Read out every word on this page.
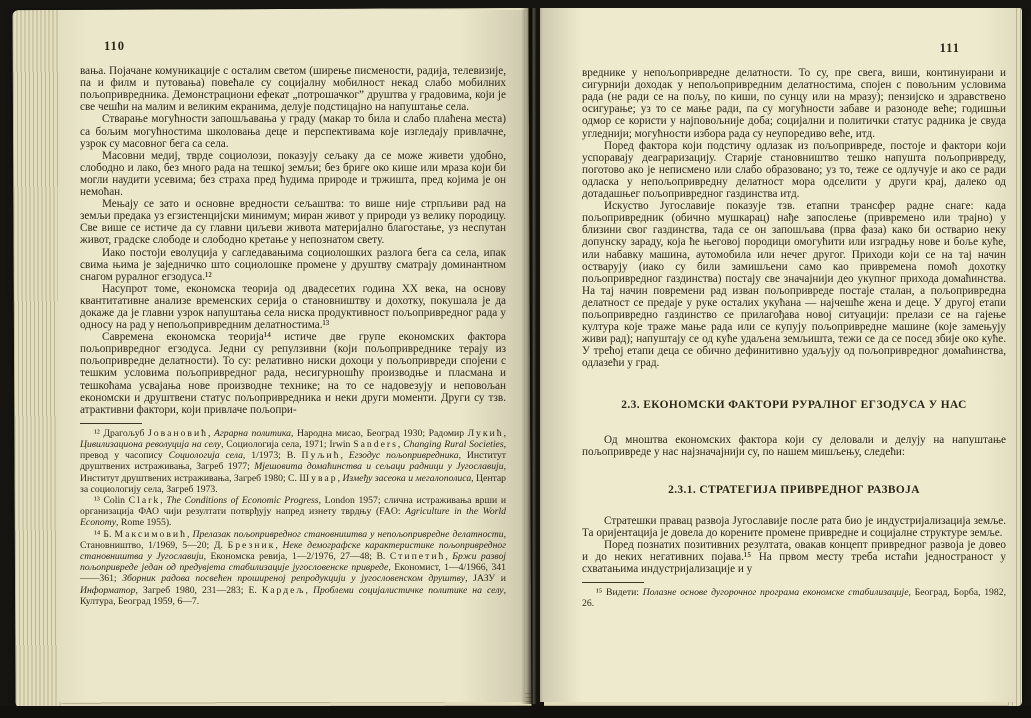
110

вања. Појачане комуникације с осталим светом (ширење писмености, радија, телевизије, па и филм и путовања) повећале су социјалну мобилност некад слабо мобилних пољопривредника. Демонстрациони ефекат „потрошачког” друштва у градовима, који је све чешћи на малим и великим екранима, делује подстицајно на напуштање села.

Стварање могућности запошљавања у граду (макар то била и слабо плаћена места) са бољим могућностима школовања деце и перспективама које изгледају привлачне, узрок су масовног бега са села.

Масовни медиј, тврде социолози, показују сељаку да се може живети удобно, слободно и лако, без много рада на тешкој земљи; без бриге око кише или мраза који би могли наудити усевима; без страха пред ћудима природе и тржишта, пред којима је он немоћан.

Мењају се зато и основне вредности сељаштва: то више није стрпљиви рад на земљи предака уз егзистенцијски минимум; миран живот у природи уз велику породицу. Све више се истиче да су главни циљеви живота материјално благостање, уз неспутан живот, градске слободе и слободно кретање у непознатом свету.

Иако постоји еволуција у сагледавањима социолошких разлога бега са села, ипак свима њима је заједничко што социолошке промене у друштву сматрају доминантном снагом руралног егзодуса.¹²

Насупрот томе, економска теорија од двадесетих година XX века, на основу квантитативне анализе временских серија о становништву и дохотку, покушала је да докаже да је главни узрок напуштања села ниска продуктивност пољопривредног рада у односу на рад у непољопривредним делатностима.¹³

Савремена економска теорија¹⁴ истиче две групе економских фактора пољопривредног егзодуса. Једни су репулзивни (који пољопривреднике терају из пољопривредне делатности). То су: релативно ниски дохоци у пољопривреди спојени с тешким условима пољопривредног рада, несигурношћу производње и пласмана и тешкоћама усвајања нове производне технике; на то се надовезују и неповољан економски и друштвени статус пољопривредника и неки други моменти. Други су тзв. атрактивни фактори, који привлаче пољопри-

¹² Драгољуб Јовановић, Аграрна политика, Народна мисао, Београд 1930; Радомир Лукић, Цивилизациона револуција на селу, Социологија села, 1971; Irwin Sanders, Changing Rural Societies, превод у часопису Социологија села, 1/1973; В. Пуљић, Егзодус пољопривредника, Институт друштвених истраживања, Загреб 1977; Мјешовита домаћинства и сељаци радници у Југославији, Институт друштвених истраживања, Загреб 1980; С. Шувар, Између засеока и мегалополиса, Центар за социологију села, Загреб 1973.

¹³ Colin Clark, The Conditions of Economic Progress, London 1957; слична истраживања врши и организација ФАО чији резултати потврђују напред изнету тврдњу (FAO: Agriculture in the World Economy, Rome 1955).

¹⁴ Б. Максимовић, Прелазак пољопривредног становништва у непољопривредне делатности, Становништво, 1/1969, 5—20; Д. Брезник, Неке демографске карактеристике пољопривредног становништва у Југославији, Економска ревија, 1—2/1976, 27—48; В. Стипетић, Бржи развој пољопривреде један од предувјета стабилизације југословенске привреде, Економист, 1—4/1966, 341——361; Зборник радова посвећен проширеној репродукцији у југословенском друштву, ЈАЗУ и Информатор, Загреб 1980, 231—283; Е. Кардељ, Проблеми социјалистичке политике на селу, Култура, Београд 1959, 6—7.

111

вреднике у непољопривредне делатности. То су, пре свега, виши, континуирани и сигурнији доходак у непољопривредним делатностима, спојен с повољним условима рада (не ради се на пољу, по киши, по сунцу или на мразу); пензијско и здравствено осигурање; уз то се мање ради, па су могућности забаве и разоноде веће; годишњи одмор се користи у најповољније доба; социјални и политички статус радника је свуда угледнији; могућности избора рада су неупоредиво веће, итд.

Поред фактора који подстичу одлазак из пољопривреде, постоје и фактори који успоравају деаграризацију. Старије становништво тешко напушта пољопривреду, поготово ако је неписмено или слабо образовано; уз то, теже се одлучује и ако се ради одласка у непољопривредну делатност мора одселити у други крај, далеко од дотадашњег пољопривредног газдинства итд.

Искуство Југославије показује тзв. етапни трансфер радне снаге: када пољопривредник (обично мушкарац) нађе запослење (привремено или трајно) у близини свог газдинства, тада се он запошљава (прва фаза) како би остварио неку допунску зараду, која ће његовој породици омогућити или изградњу нове и боље куће, или набавку машина, аутомобила или нечег другог. Приходи који се на тај начин остварују (иако су били замишљени само као привремена помоћ дохотку пољопривредног газдинства) постају све значајнији део укупног прихода домаћинства. На тај начин повремени рад изван пољопривреде постаје сталан, а пољопривредна делатност се предаје у руке осталих укућана — најчешће жена и деце. У другој етапи пољопривредно газдинство се прилагођава новој ситуацији: прелази се на гајење култура које траже мање рада или се купују пољопривредне машине (које замењују живи рад); напуштају се од куће удаљена земљишта, тежи се да се посед збије око куће. У трећој етапи деца се обично дефинитивно удаљују од пољопривредног домаћинства, одлазећи у град.

2.3. ЕКОНОМСКИ ФАКТОРИ РУРАЛНОГ ЕГЗОДУСА У НАС

Од мноштва економских фактора који су деловали и делују на напуштање пољопривреде у нас најзначајнији су, по нашем мишљењу, следећи:

2.3.1. СТРАТЕГИЈА ПРИВРЕДНОГ РАЗВОЈА

Стратешки правац развоја Југославије после рата био је индустријализација земље. Та оријентација је довела до корените промене привредне и социјалне структуре земље.

Поред познатих позитивних резултата, овакав концепт привредног развоја је довео и до неких негативних појава.¹⁵ На првом месту треба истаћи једностраност у схватањима индустријализације и у

¹⁵ Видети: Полазне основе дугорочног програма економске стабилизације, Београд, Борба, 1982, 26.
